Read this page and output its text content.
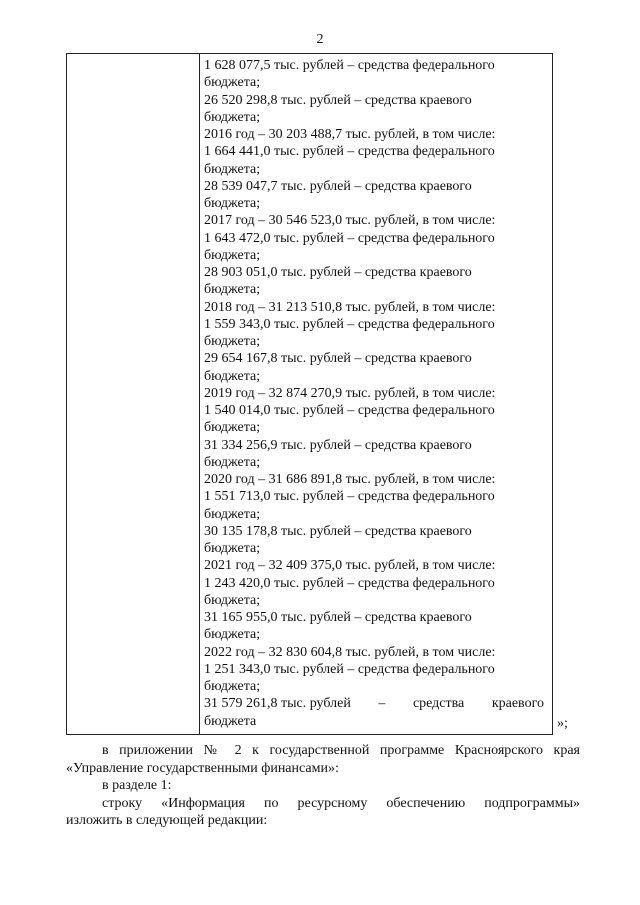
2
1 628 077,5 тыс. рублей – средства федерального
бюджета;
26 520 298,8 тыс. рублей – средства краевого
бюджета;
2016 год – 30 203 488,7 тыс. рублей, в том числе:
1 664 441,0 тыс. рублей – средства федерального
бюджета;
28 539 047,7 тыс. рублей – средства краевого
бюджета;
2017 год – 30 546 523,0 тыс. рублей, в том числе:
1 643 472,0 тыс. рублей – средства федерального
бюджета;
28 903 051,0 тыс. рублей – средства краевого
бюджета;
2018 год – 31 213 510,8 тыс. рублей, в том числе:
1 559 343,0 тыс. рублей – средства федерального
бюджета;
29 654 167,8 тыс. рублей – средства краевого
бюджета;
2019 год – 32 874 270,9 тыс. рублей, в том числе:
1 540 014,0 тыс. рублей – средства федерального
бюджета;
31 334 256,9 тыс. рублей – средства краевого
бюджета;
2020 год – 31 686 891,8 тыс. рублей, в том числе:
1 551 713,0 тыс. рублей – средства федерального
бюджета;
30 135 178,8 тыс. рублей – средства краевого
бюджета;
2021 год – 32 409 375,0 тыс. рублей, в том числе:
1 243 420,0 тыс. рублей – средства федерального
бюджета;
31 165 955,0 тыс. рублей – средства краевого
бюджета;
2022 год – 32 830 604,8 тыс. рублей, в том числе:
1 251 343,0 тыс. рублей – средства федерального
бюджета;
31 579 261,8 тыс. рублей – средства краевого
бюджета	»;

в приложении № 2 к государственной программе Красноярского края

«Управление государственными финансами»:

в разделе 1:

строку «Информация по ресурсному обеспечению подпрограммы»

изложить в следующей редакции:
